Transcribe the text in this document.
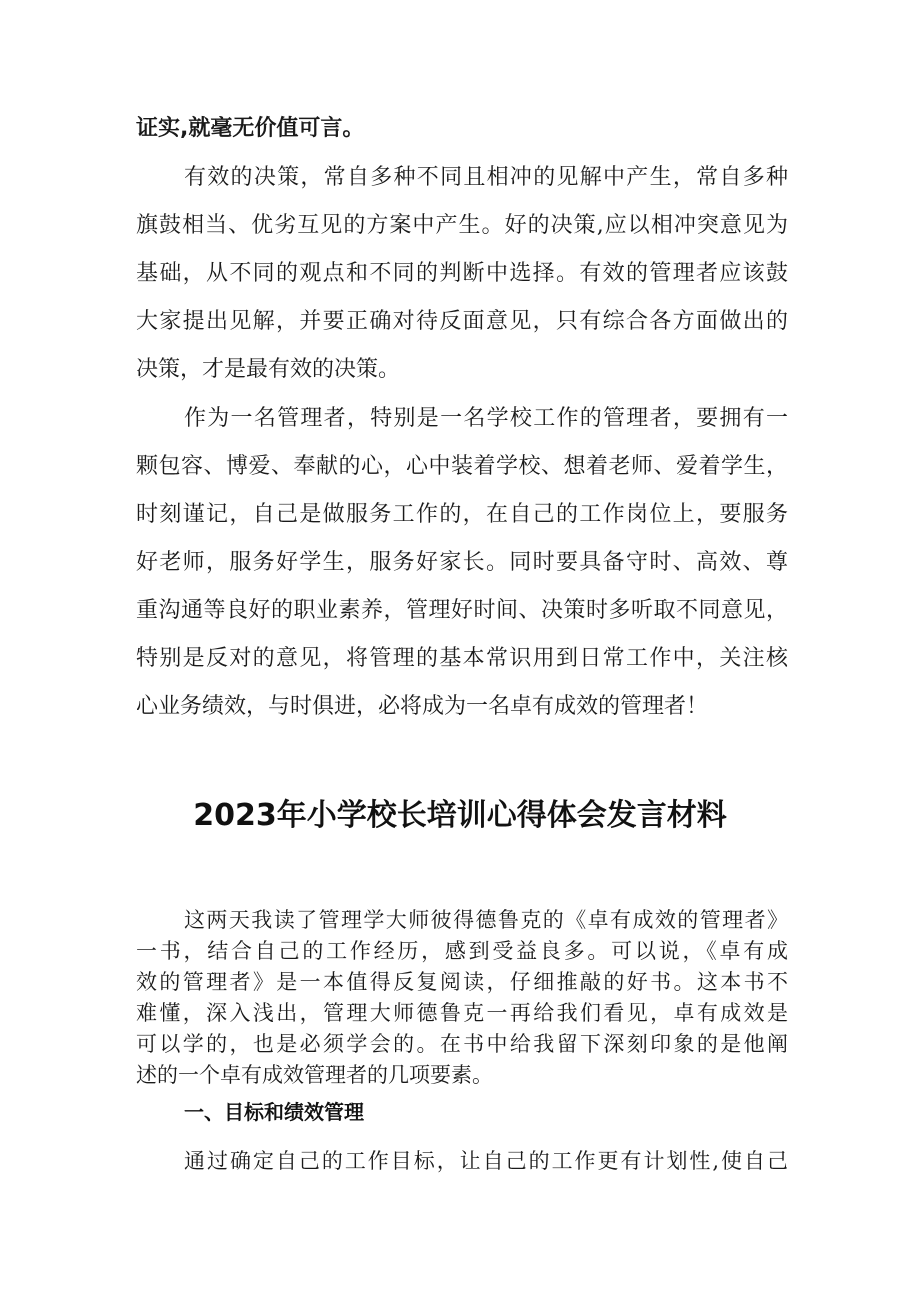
证实,就毫无价值可言。

有效的决策，常自多种不同且相冲的见解中产生，常自多种

旗鼓相当、优劣互见的方案中产生。好的决策,应以相冲突意见为

基础，从不同的观点和不同的判断中选择。有效的管理者应该鼓

大家提出见解，并要正确对待反面意见，只有综合各方面做出的

决策，才是最有效的决策。

作为一名管理者，特别是一名学校工作的管理者，要拥有一

颗包容、博爱、奉献的心，心中装着学校、想着老师、爱着学生，

时刻谨记，自己是做服务工作的，在自己的工作岗位上，要服务

好老师，服务好学生，服务好家长。同时要具备守时、高效、尊

重沟通等良好的职业素养，管理好时间、决策时多听取不同意见，

特别是反对的意见，将管理的基本常识用到日常工作中，关注核

心业务绩效，与时俱进，必将成为一名卓有成效的管理者！

2023年小学校长培训心得体会发言材料

这两天我读了管理学大师彼得德鲁克的《卓有成效的管理者》

一书，结合自己的工作经历，感到受益良多。可以说，《卓有成

效的管理者》是一本值得反复阅读，仔细推敲的好书。这本书不

难懂，深入浅出，管理大师德鲁克一再给我们看见，卓有成效是

可以学的，也是必须学会的。在书中给我留下深刻印象的是他阐

述的一个卓有成效管理者的几项要素。

一、目标和绩效管理

通过确定自己的工作目标，让自己的工作更有计划性,使自己
